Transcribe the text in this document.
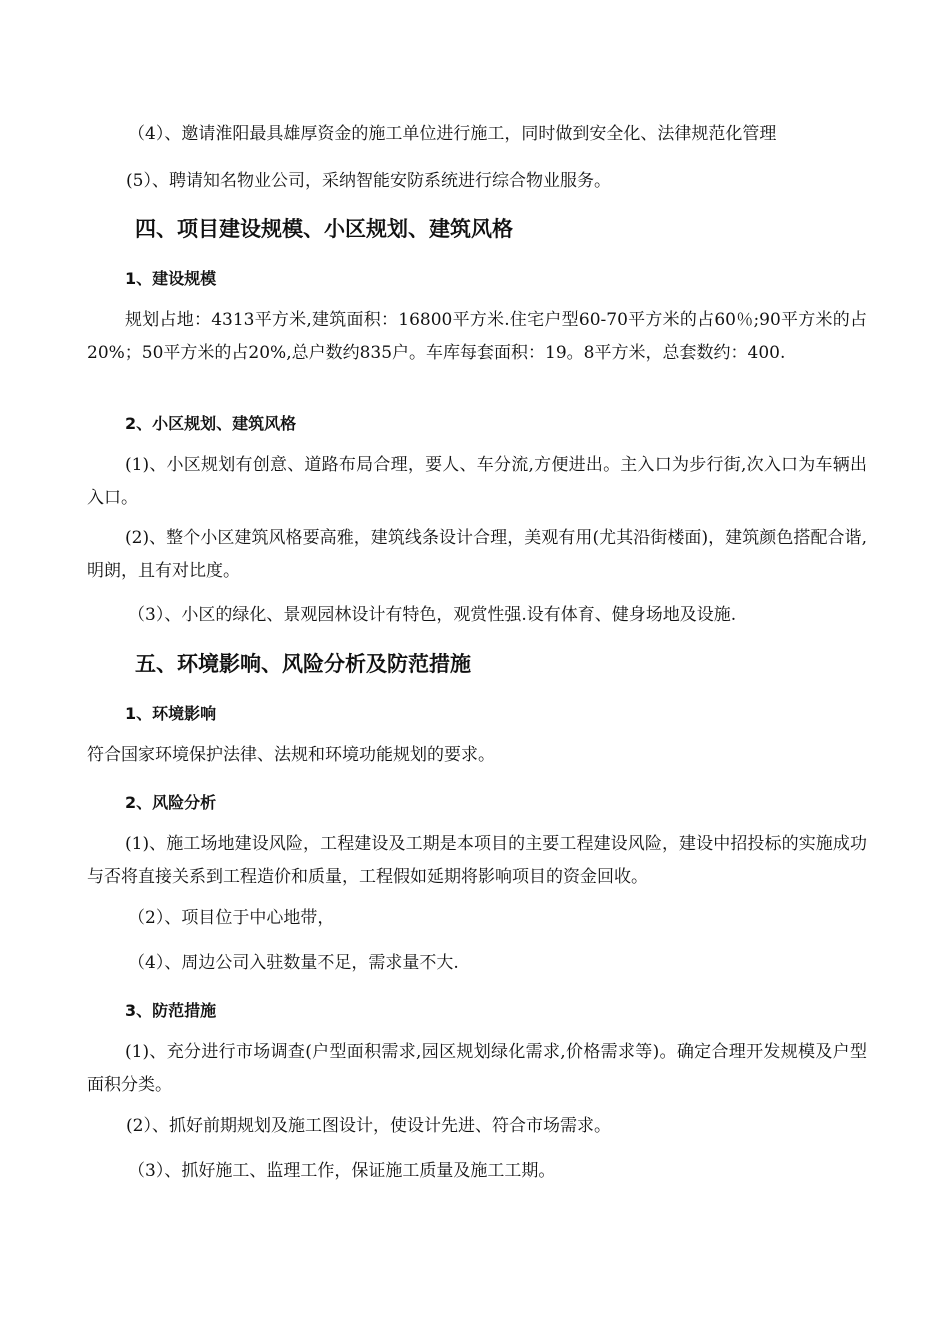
（4）、邀请淮阳最具雄厚资金的施工单位进行施工，同时做到安全化、法律规范化管理
(5）、聘请知名物业公司，采纳智能安防系统进行综合物业服务。
四、项目建设规模、小区规划、建筑风格
1、建设规模
规划占地：4313平方米,建筑面积：16800平方米.住宅户型60-70平方米的占60％;90平方米的占20%；50平方米的占20%,总户数约835户。车库每套面积：19。8平方米，总套数约：400.
2、小区规划、建筑风格
(1)、小区规划有创意、道路布局合理，要人、车分流,方便进出。主入口为步行街,次入口为车辆出入口。
(2)、整个小区建筑风格要高雅，建筑线条设计合理，美观有用(尤其沿街楼面)，建筑颜色搭配合谐,明朗，且有对比度。
（3）、小区的绿化、景观园林设计有特色，观赏性强.设有体育、健身场地及设施.
五、环境影响、风险分析及防范措施
1、环境影响
符合国家环境保护法律、法规和环境功能规划的要求。
2、风险分析
(1)、施工场地建设风险，工程建设及工期是本项目的主要工程建设风险，建设中招投标的实施成功与否将直接关系到工程造价和质量，工程假如延期将影响项目的资金回收。
（2）、项目位于中心地带，
（4）、周边公司入驻数量不足，需求量不大.
3、防范措施
(1)、充分进行市场调查(户型面积需求,园区规划绿化需求,价格需求等)。确定合理开发规模及户型面积分类。
(2）、抓好前期规划及施工图设计，使设计先进、符合市场需求。
（3）、抓好施工、监理工作，保证施工质量及施工工期。
